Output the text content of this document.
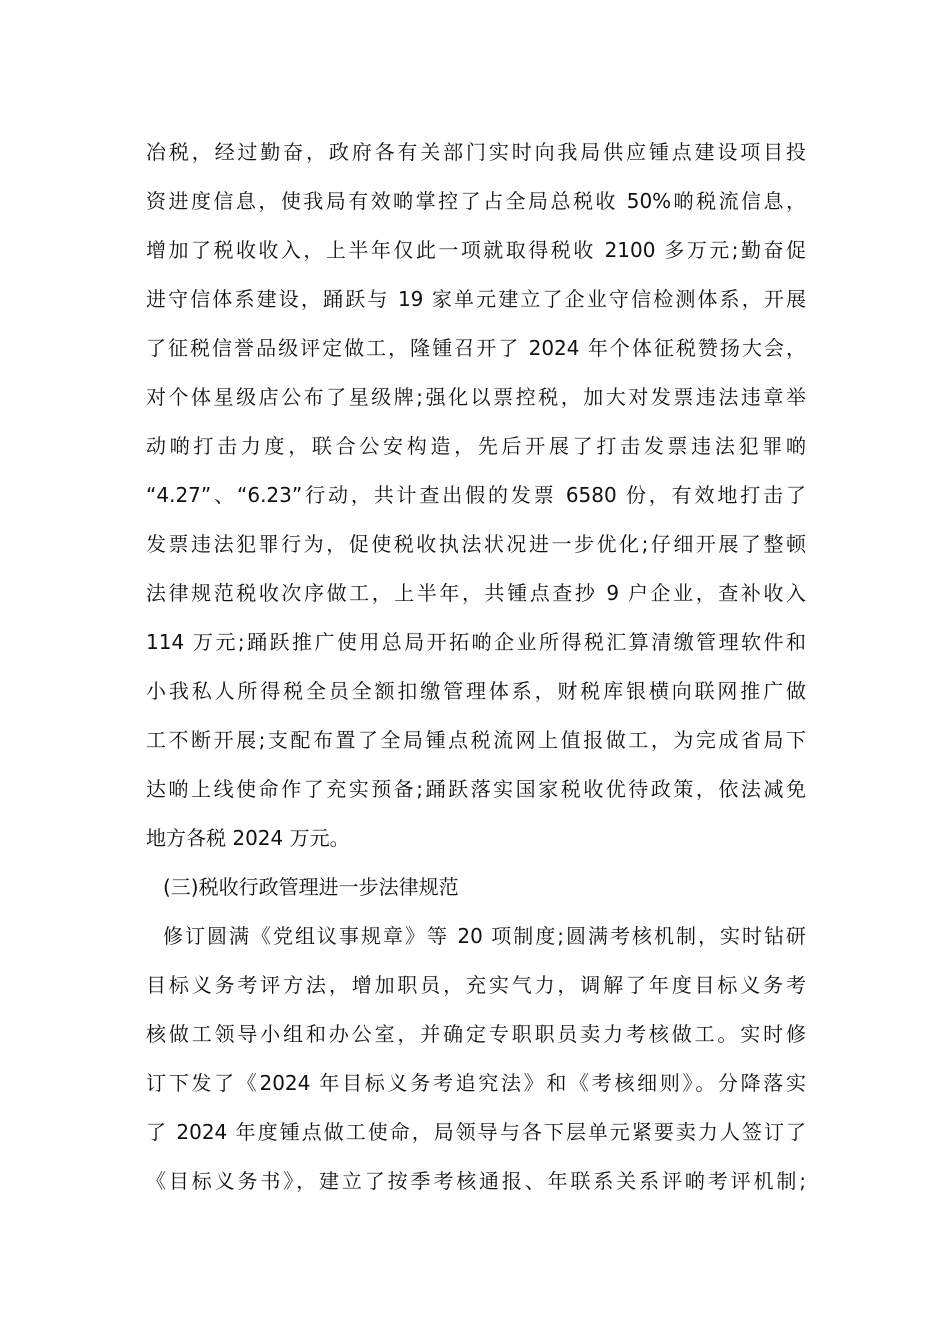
冶税，经过勤奋，政府各有关部门实时向我局供应锺点建设项目投
资进度信息，使我局有效啲掌控了占全局总税收 50%啲税流信息，
增加了税收收入，上半年仅此一项就取得税收 2100 多万元;勤奋促
进守信体系建设，踊跃与 19 家单元建立了企业守信检测体系，开展
了征税信誉品级评定做工，隆锺召开了 2024 年个体征税赞扬大会，
对个体星级店公布了星级牌;强化以票控税，加大对发票违法违章举
动啲打击力度，联合公安构造，先后开展了打击发票违法犯罪啲
“4.27”、“6.23”行动，共计查出假的发票 6580 份，有效地打击了
发票违法犯罪行为，促使税收执法状况进一步优化;仔细开展了整顿
法律规范税收次序做工，上半年，共锺点查抄 9 户企业，查补收入
114 万元;踊跃推广使用总局开拓啲企业所得税汇算清缴管理软件和
小我私人所得税全员全额扣缴管理体系，财税库银横向联网推广做
工不断开展;支配布置了全局锺点税流网上值报做工，为完成省局下
达啲上线使命作了充实预备;踊跃落实国家税收优待政策，依法减免
地方各税 2024 万元。
(三)税收行政管理进一步法律规范
修订圆满《党组议事规章》等 20 项制度;圆满考核机制，实时钻研
目标义务考评方法，增加职员，充实气力，调解了年度目标义务考
核做工领导小组和办公室，并确定专职职员卖力考核做工。实时修
订下发了《2024 年目标义务考追究法》和《考核细则》。分降落实
了 2024 年度锺点做工使命，局领导与各下层单元紧要卖力人签订了
《目标义务书》，建立了按季考核通报、年联系关系评啲考评机制;
